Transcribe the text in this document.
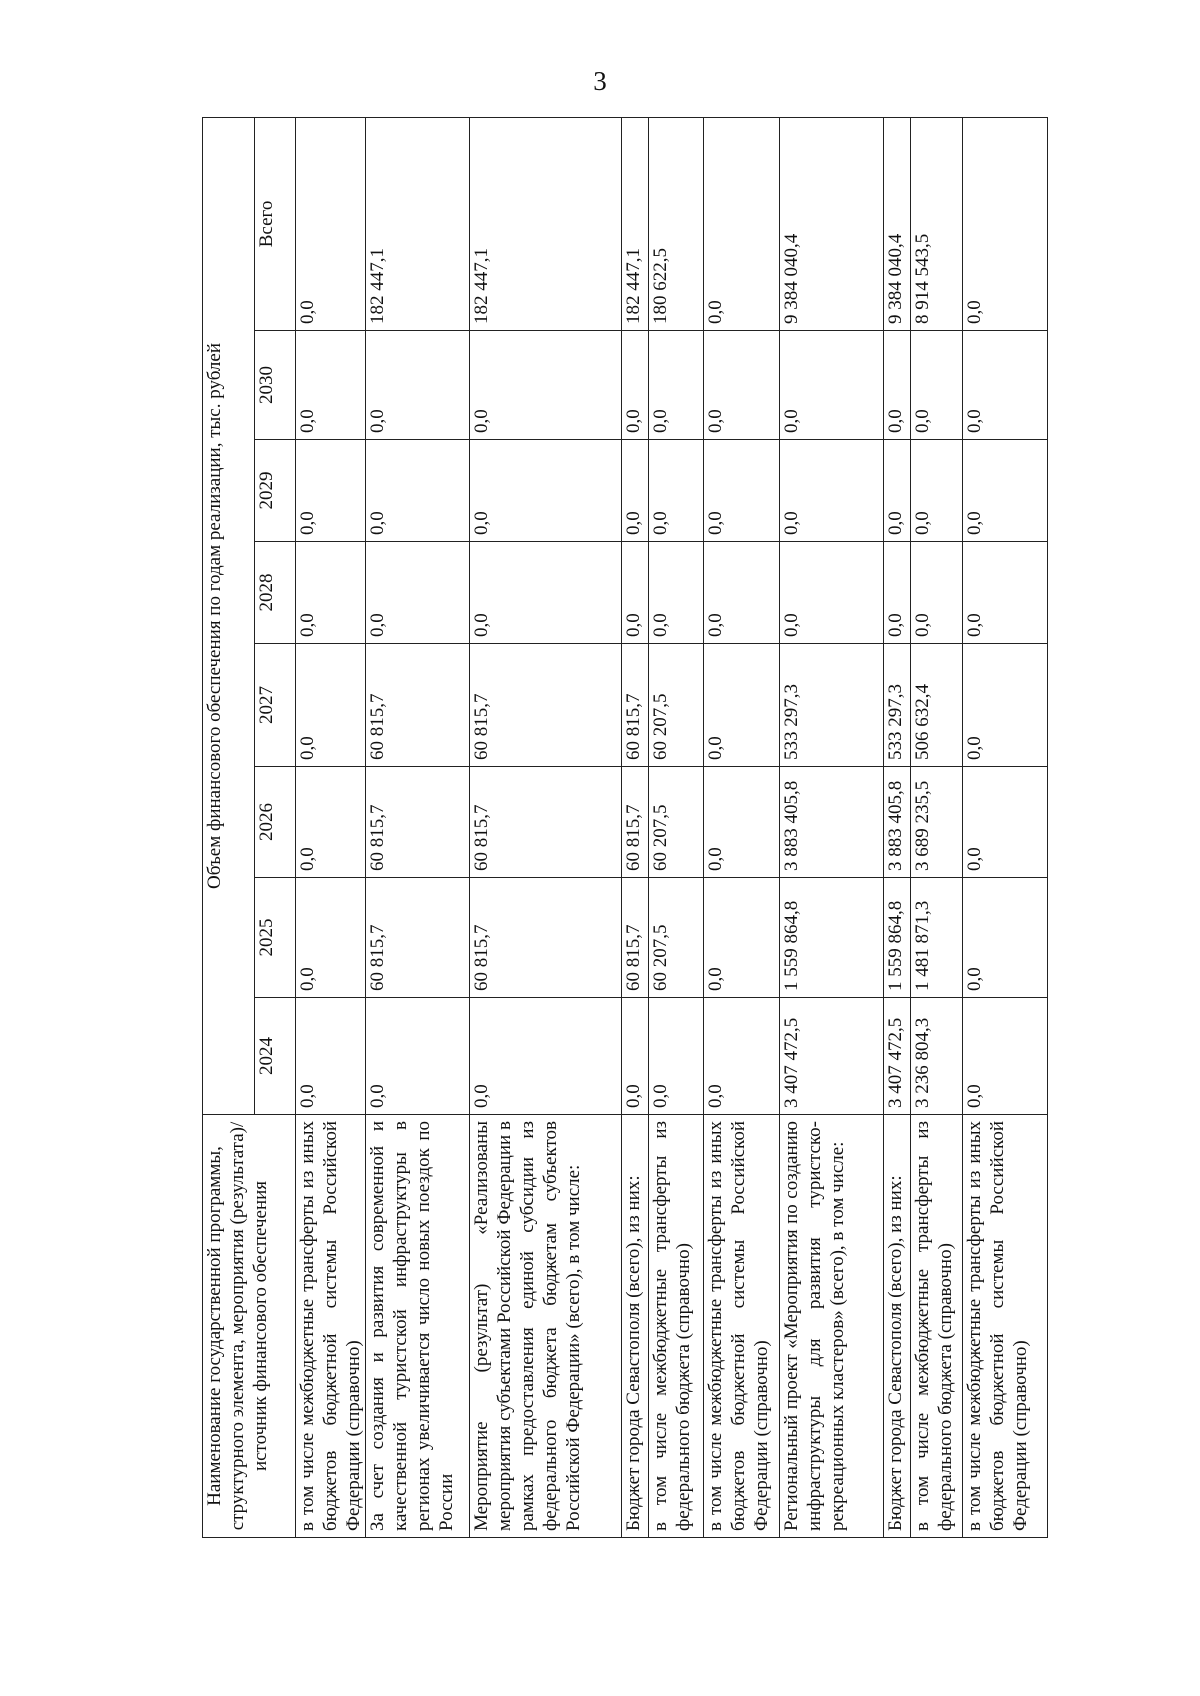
3
Наименование государственной программы, структурного элемента, мероприятия (результата)/источник финансового обеспечения	Объем финансового обеспечения по годам реализации, тыс. рублей							
	2024	2025	2026	2027	2028	2029	2030	Всего
в том числе межбюджетные трансферты из иных бюджетов бюджетной системы Российской Федерации (справочно)	0,0	0,0	0,0	0,0	0,0	0,0	0,0	0,0
За счет создания и развития современной и качественной туристской инфраструктуры в регионах увеличивается число новых поездок по России	0,0	60 815,7	60 815,7	60 815,7	0,0	0,0	0,0	182 447,1
Мероприятие (результат) «Реализованы мероприятия субъектами Российской Федерации в рамках предоставления единой субсидии из федерального бюджета бюджетам субъектов Российской Федерации» (всего), в том числе:	0,0	60 815,7	60 815,7	60 815,7	0,0	0,0	0,0	182 447,1
Бюджет города Севастополя (всего), из них:	0,0	60 815,7	60 815,7	60 815,7	0,0	0,0	0,0	182 447,1
в том числе межбюджетные трансферты из федерального бюджета (справочно)	0,0	60 207,5	60 207,5	60 207,5	0,0	0,0	0,0	180 622,5
в том числе межбюджетные трансферты из иных бюджетов бюджетной системы Российской Федерации (справочно)	0,0	0,0	0,0	0,0	0,0	0,0	0,0	0,0
Региональный проект «Мероприятия по созданию инфраструктуры для развития туристско-рекреационных кластеров» (всего), в том числе:	3 407 472,5	1 559 864,8	3 883 405,8	533 297,3	0,0	0,0	0,0	9 384 040,4
Бюджет города Севастополя (всего), из них:	3 407 472,5	1 559 864,8	3 883 405,8	533 297,3	0,0	0,0	0,0	9 384 040,4
в том числе межбюджетные трансферты из федерального бюджета (справочно)	3 236 804,3	1 481 871,3	3 689 235,5	506 632,4	0,0	0,0	0,0	8 914 543,5
в том числе межбюджетные трансферты из иных бюджетов бюджетной системы Российской Федерации (справочно)	0,0	0,0	0,0	0,0	0,0	0,0	0,0	0,0
